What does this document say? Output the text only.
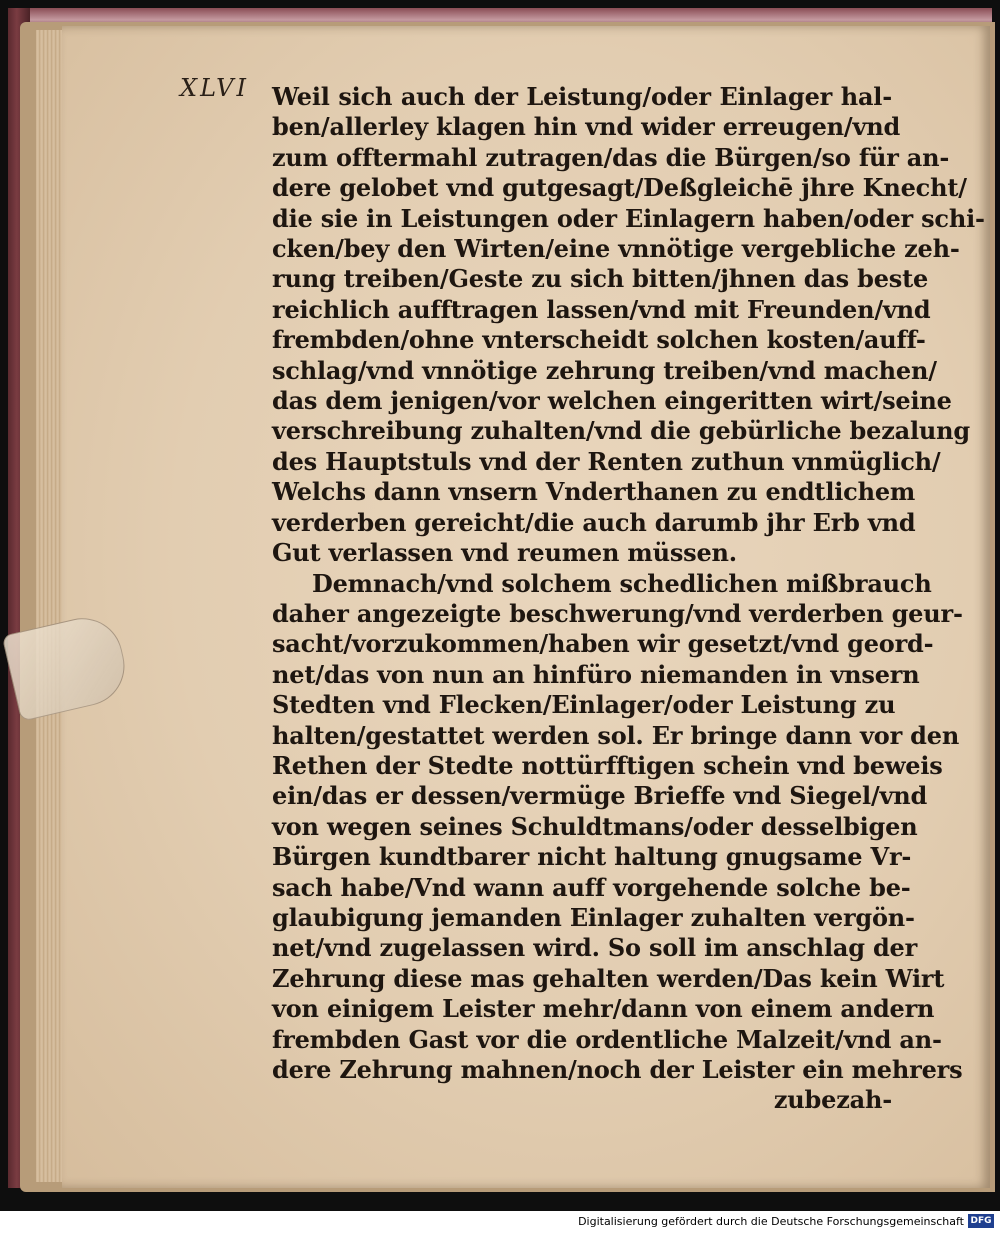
XLVI Weil sich auch der Leistung/oder Einlager hal-
ben/allerley klagen hin vnd wider erreugen/vnd
zum offtermahl zutragen/das die Bürgen/so für an-
dere gelobet vnd gutgesagt/Deßgleichē jhre Knecht/
die sie in Leistungen oder Einlagern haben/oder schi-
cken/bey den Wirten/eine vnnötige vergebliche zeh-
rung treiben/Geste zu sich bitten/jhnen das beste
reichlich aufftragen lassen/vnd mit Freunden/vnd
frembden/ohne vnterscheidt solchen kosten/auff-
schlag/vnd vnnötige zehrung treiben/vnd machen/
das dem jenigen/vor welchen eingeritten wirt/seine
verschreibung zuhalten/vnd die gebürliche bezalung
des Hauptstuls vnd der Renten zuthun vnmüglich/
Welchs dann vnsern Vnderthanen zu endtlichem
verderben gereicht/die auch darumb jhr Erb vnd
Gut verlassen vnd reumen müssen.
Demnach/vnd solchem schedlichen mißbrauch
daher angezeigte beschwerung/vnd verderben geur-
sacht/vorzukommen/haben wir gesetzt/vnd geord-
net/das von nun an hinfüro niemanden in vnsern
Stedten vnd Flecken/Einlager/oder Leistung zu
halten/gestattet werden sol. Er bringe dann vor den
Rethen der Stedte nottürfftigen schein vnd beweis
ein/das er dessen/vermüge Brieffe vnd Siegel/vnd
von wegen seines Schuldtmans/oder desselbigen
Bürgen kundtbarer nicht haltung gnugsame Vr-
sach habe/Vnd wann auff vorgehende solche be-
glaubigung jemanden Einlager zuhalten vergön-
net/vnd zugelassen wird. So soll im anschlag der
Zehrung diese mas gehalten werden/Das kein Wirt
von einigem Leister mehr/dann von einem andern
frembden Gast vor die ordentliche Malzeit/vnd an-
dere Zehrung mahnen/noch der Leister ein mehrers
zubezah-
Digitalisierung gefördert durch die Deutsche Forschungsgemeinschaft DFG
